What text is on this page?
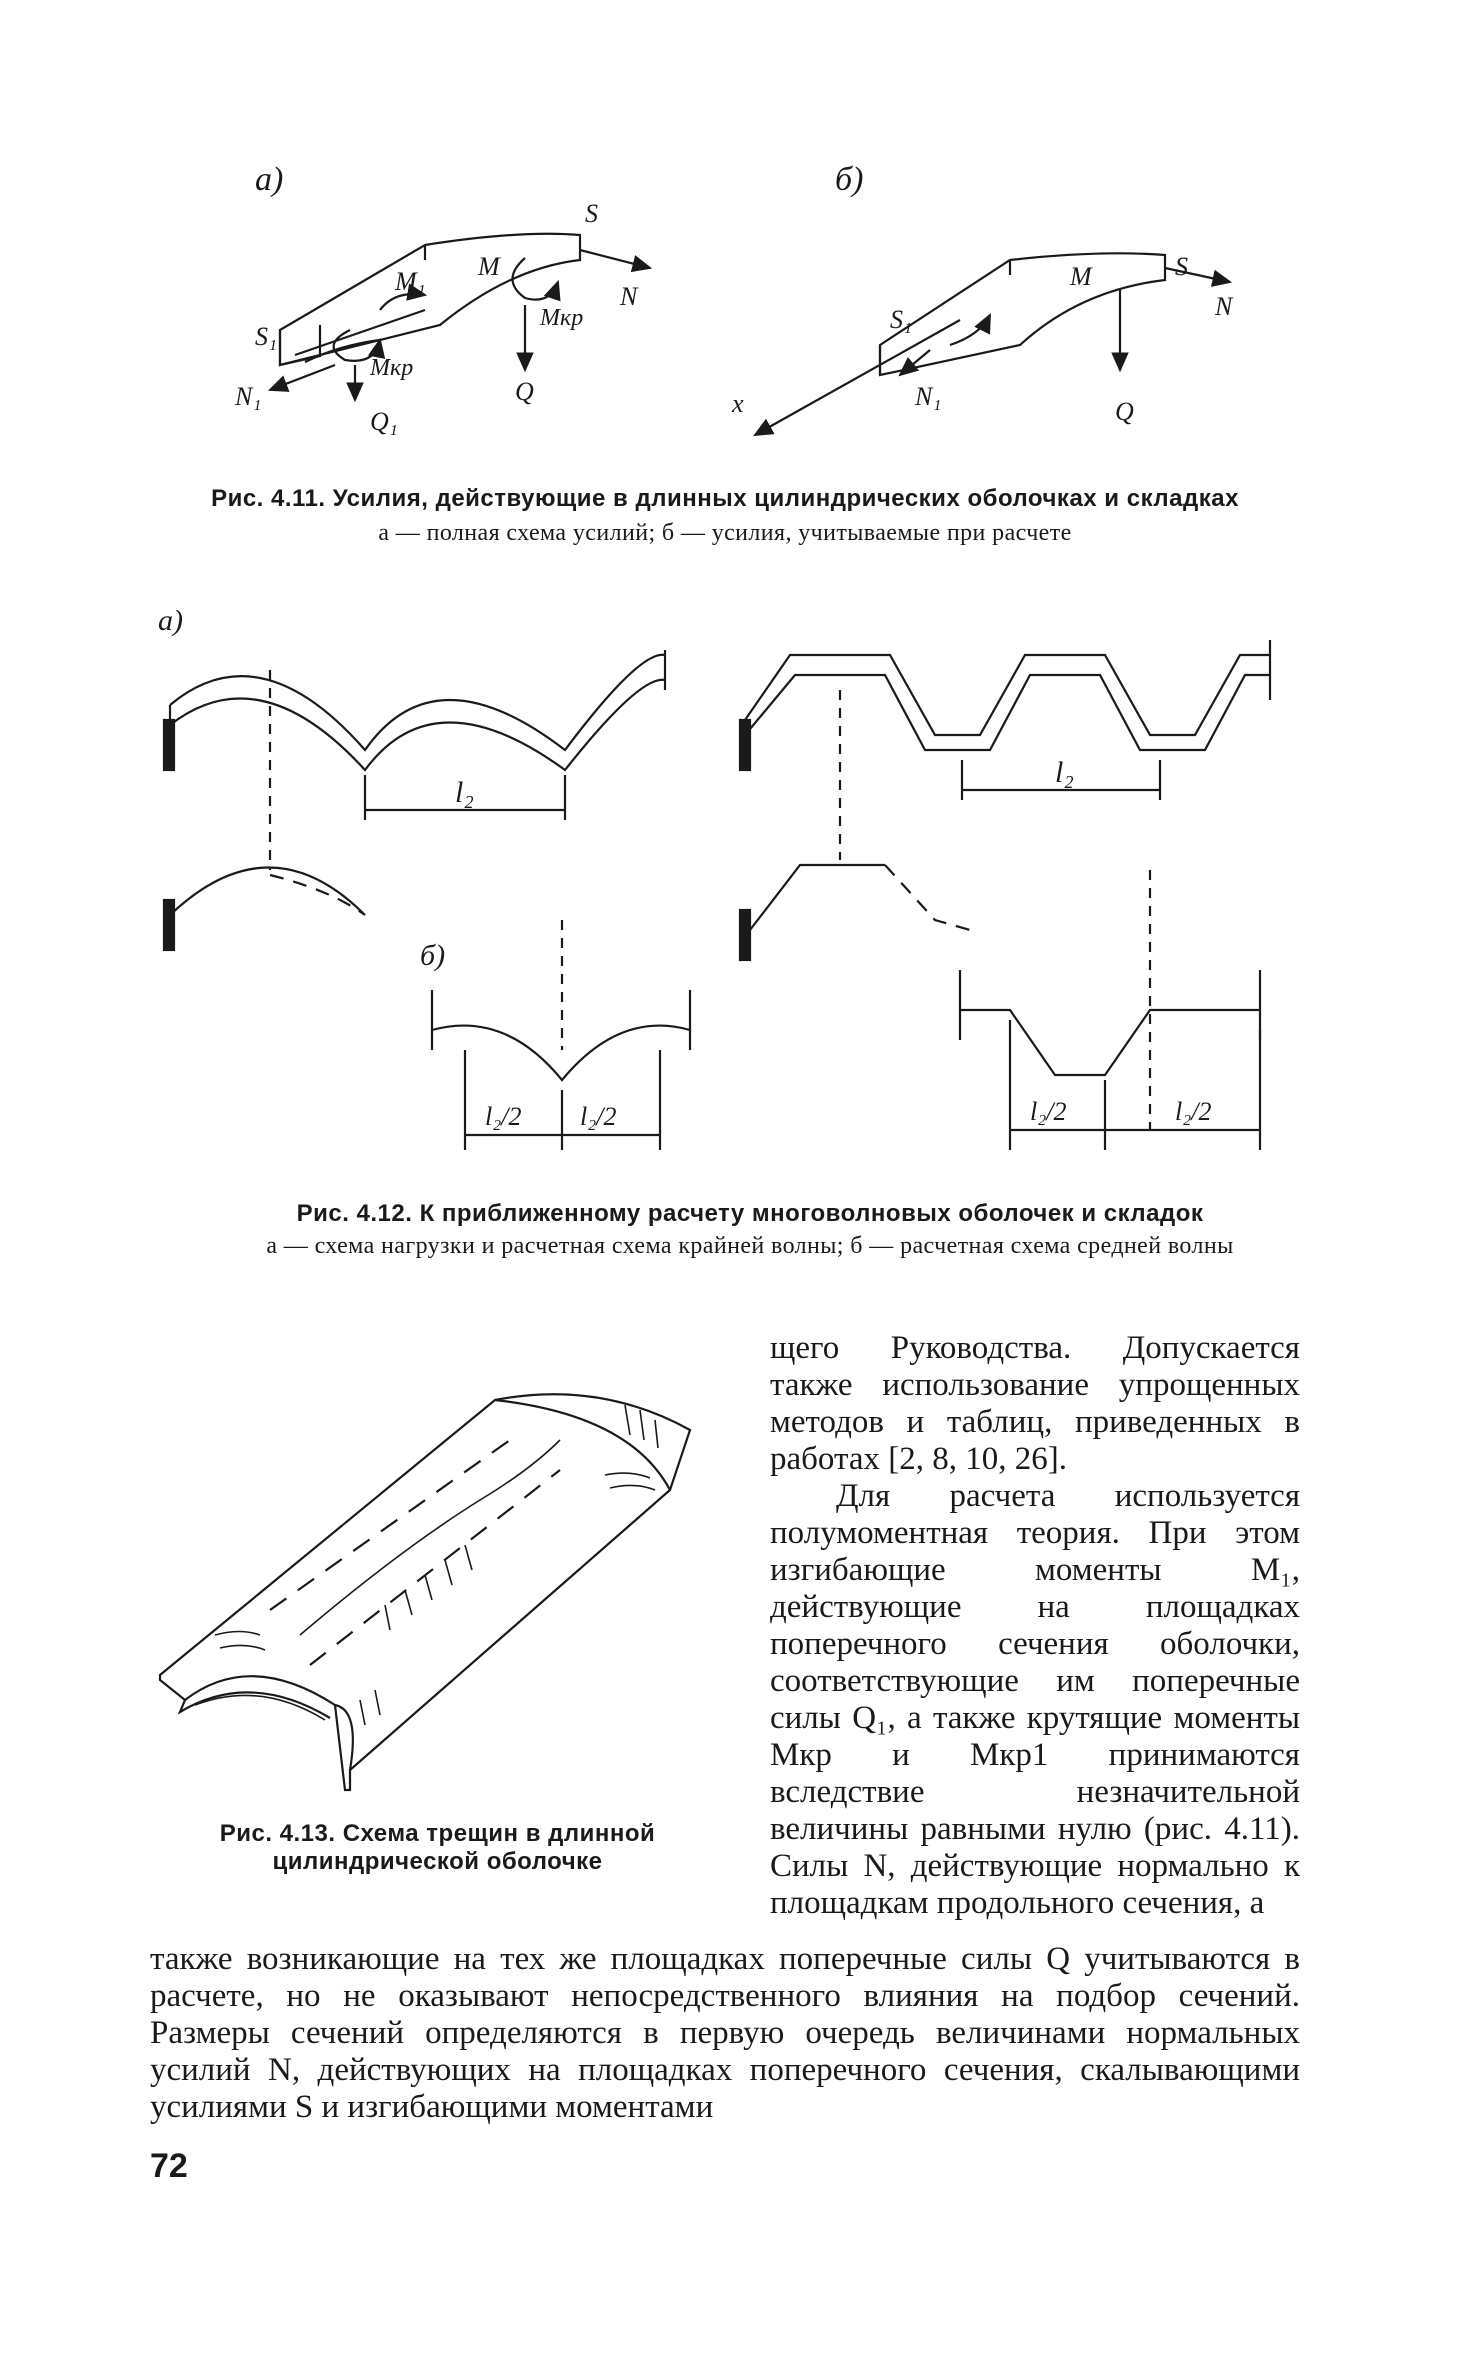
а)	б)
M₁
M
S
N
S₁
Mкр
Mкр
N₁
Q₁
Q
M	S
N
S₁
N₁
Q
x
Рис. 4.11. Усилия, действующие в длинных цилиндрических оболочках и складках
а — полная схема усилий; б — усилия, учитываемые при расчете
а)
б)
l₂
l₂
l₂/2 l₂/2	l₂/2	l₂/2
Рис. 4.12. К приближенному расчету многоволновых оболочек и складок
а — схема нагрузки и расчетная схема крайней волны; б — расчетная схема средней волны
Рис. 4.13. Схема трещин в длинной цилиндрической оболочке

щего Руководства. Допускается также использование упрощенных методов и таблиц, приведенных в работах [2, 8, 10, 26].

Для расчета используется полумоментная теория. При этом изгибающие моменты M₁, действующие на площадках поперечного сечения оболочки, соответствующие им поперечные силы Q₁, а также крутящие моменты Mкр и Mкр1 принимаются вследствие незначительной величины равными нулю (рис. 4.11). Силы N, действующие нормально к площадкам продольного сечения, а

также возникающие на тех же площадках поперечные силы Q учитываются в расчете, но не оказывают непосредственного влияния на подбор сечений. Размеры сечений определяются в первую очередь величинами нормальных усилий N, действующих на площадках поперечного сечения, скалывающими усилиями S и изгибающими моментами

72
